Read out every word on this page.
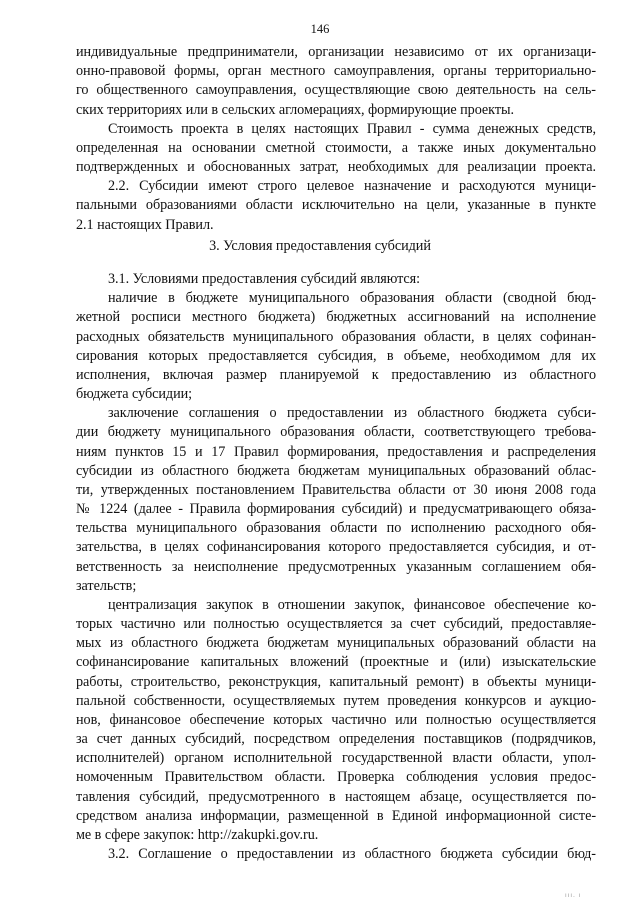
146
индивидуальные предприниматели, организации независимо от их организаци-
онно-правовой формы, орган местного самоуправления, органы территориально-
го общественного самоуправления, осуществляющие свою деятельность на сель-
ских территориях или в сельских агломерациях, формирующие проекты.
Стоимость проекта в целях настоящих Правил - сумма денежных средств,
определенная на основании сметной стоимости, а также иных документально
подтвержденных и обоснованных затрат, необходимых для реализации проекта.
2.2. Субсидии имеют строго целевое назначение и расходуются муници-
пальными образованиями области исключительно на цели, указанные в пункте
2.1 настоящих Правил.
3. Условия предоставления субсидий
3.1. Условиями предоставления субсидий являются:
наличие в бюджете муниципального образования области (сводной бюд-
жетной росписи местного бюджета) бюджетных ассигнований на исполнение
расходных обязательств муниципального образования области, в целях софинан-
сирования которых предоставляется субсидия, в объеме, необходимом для их
исполнения, включая размер планируемой к предоставлению из областного
бюджета субсидии;
заключение соглашения о предоставлении из областного бюджета субси-
дии бюджету муниципального образования области, соответствующего требова-
ниям пунктов 15 и 17 Правил формирования, предоставления и распределения
субсидии из областного бюджета бюджетам муниципальных образований облас-
ти, утвержденных постановлением Правительства области от 30 июня 2008 года
№ 1224 (далее - Правила формирования субсидий) и предусматривающего обяза-
тельства муниципального образования области по исполнению расходного обя-
зательства, в целях софинансирования которого предоставляется субсидия, и от-
ветственность за неисполнение предусмотренных указанным соглашением обя-
зательств;
централизация закупок в отношении закупок, финансовое обеспечение ко-
торых частично или полностью осуществляется за счет субсидий, предоставляе-
мых из областного бюджета бюджетам муниципальных образований области на
софинансирование капитальных вложений (проектные и (или) изыскательские
работы, строительство, реконструкция, капитальный ремонт) в объекты муници-
пальной собственности, осуществляемых путем проведения конкурсов и аукцио-
нов, финансовое обеспечение которых частично или полностью осуществляется
за счет данных субсидий, посредством определения поставщиков (подрядчиков,
исполнителей) органом исполнительной государственной власти области, упол-
номоченным Правительством области. Проверка соблюдения условия предос-
тавления субсидий, предусмотренного в настоящем абзаце, осуществляется по-
средством анализа информации, размещенной в Единой информационной систе-
ме в сфере закупок: http://zakupki.gov.ru.
3.2. Соглашение о предоставлении из областного бюджета субсидии бюд-
ııı. ı
